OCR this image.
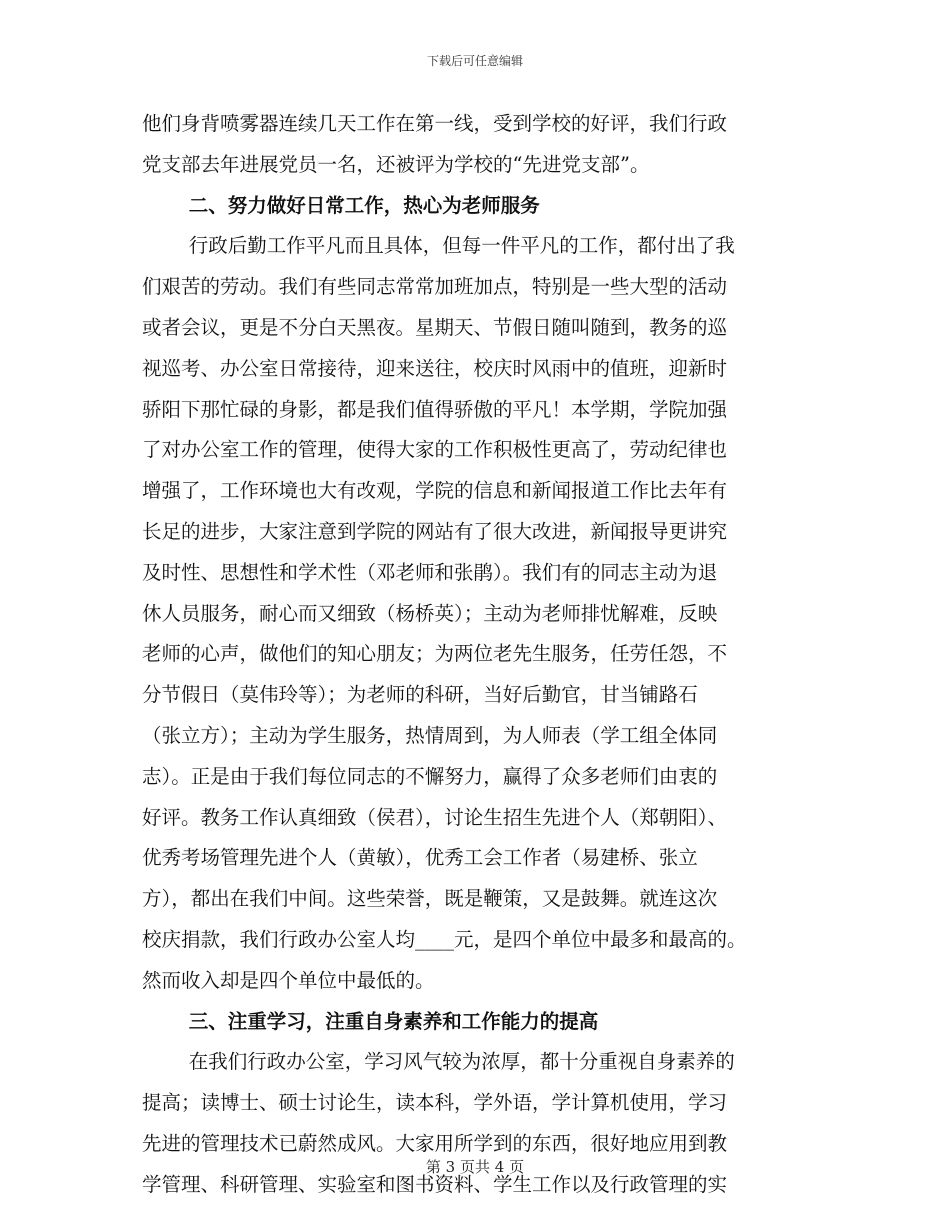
下载后可任意编辑
他们身背喷雾器连续几天工作在第一线，受到学校的好评，我们行政
党支部去年进展党员一名，还被评为学校的“先进党支部”。
二、努力做好日常工作，热心为老师服务
行政后勤工作平凡而且具体，但每一件平凡的工作，都付出了我
们艰苦的劳动。我们有些同志常常加班加点，特别是一些大型的活动
或者会议，更是不分白天黑夜。星期天、节假日随叫随到，教务的巡
视巡考、办公室日常接待，迎来送往，校庆时风雨中的值班，迎新时
骄阳下那忙碌的身影，都是我们值得骄傲的平凡！本学期，学院加强
了对办公室工作的管理，使得大家的工作积极性更高了，劳动纪律也
增强了，工作环境也大有改观，学院的信息和新闻报道工作比去年有
长足的进步，大家注意到学院的网站有了很大改进，新闻报导更讲究
及时性、思想性和学术性（邓老师和张鹃）。我们有的同志主动为退
休人员服务，耐心而又细致（杨桥英）；主动为老师排忧解难，反映
老师的心声，做他们的知心朋友；为两位老先生服务，任劳任怨，不
分节假日（莫伟玲等）；为老师的科研，当好后勤官，甘当铺路石
（张立方）；主动为学生服务，热情周到，为人师表（学工组全体同
志）。正是由于我们每位同志的不懈努力，赢得了众多老师们由衷的
好评。教务工作认真细致（侯君），讨论生招生先进个人（郑朝阳）、
优秀考场管理先进个人（黄敏），优秀工会工作者（易建桥、张立
方），都出在我们中间。这些荣誉，既是鞭策，又是鼓舞。就连这次
校庆捐款，我们行政办公室人均____元，是四个单位中最多和最高的。
然而收入却是四个单位中最低的。
三、注重学习，注重自身素养和工作能力的提高
在我们行政办公室，学习风气较为浓厚，都十分重视自身素养的
提高；读博士、硕士讨论生，读本科，学外语，学计算机使用，学习
先进的管理技术已蔚然成风。大家用所学到的东西，很好地应用到教
学管理、科研管理、实验室和图书资料、学生工作以及行政管理的实
第 3 页共 4 页
